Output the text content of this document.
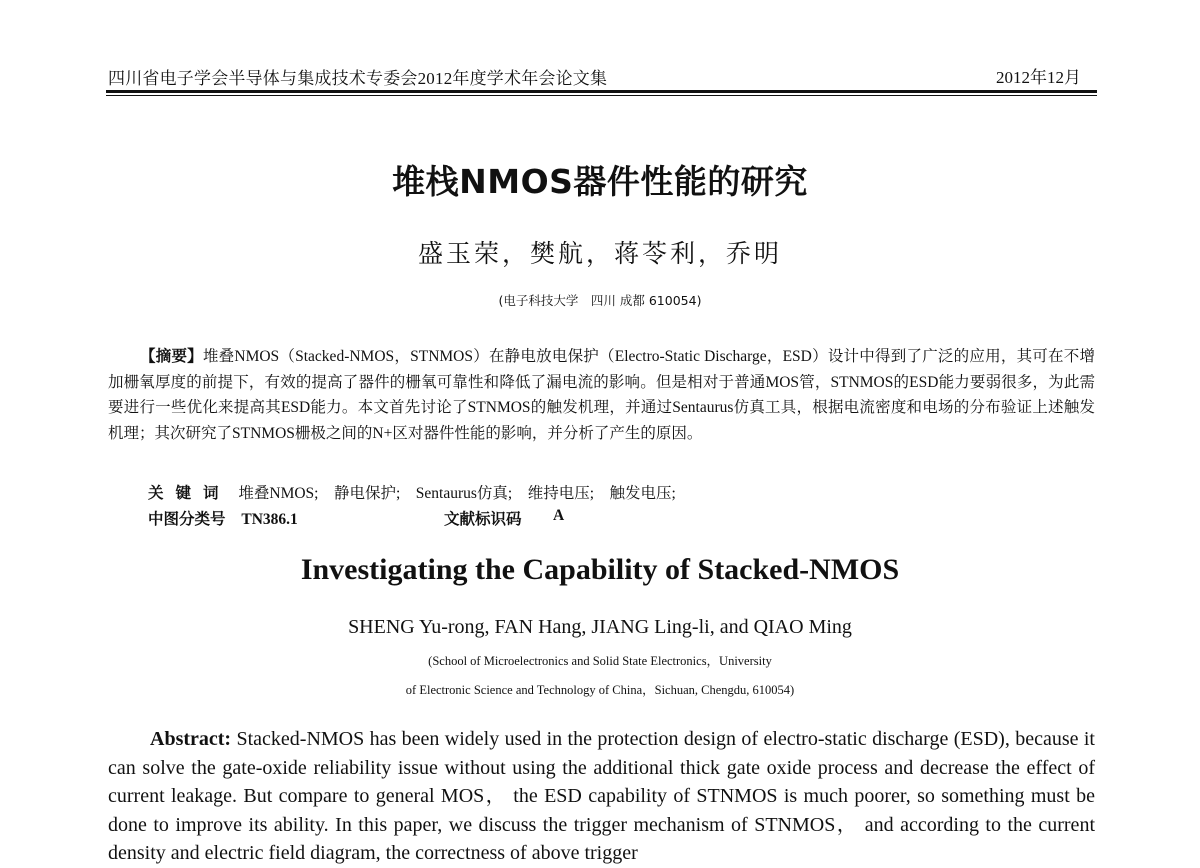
四川省电子学会半导体与集成技术专委会2012年度学术年会论文集	2012年12月
堆栈NMOS器件性能的研究
盛玉荣，樊航，蒋苓利，乔明
(电子科技大学　四川 成都 610054)

【摘要】堆叠NMOS（Stacked-NMOS，STNMOS）在静电放电保护（Electro-Static Discharge，ESD）设计中得到了广泛的应用，其可在不增加栅氧厚度的前提下，有效的提高了器件的栅氧可靠性和降低了漏电流的影响。但是相对于普通MOS管，STNMOS的ESD能力要弱很多，为此需要进行一些优化来提高其ESD能力。本文首先讨论了STNMOS的触发机理，并通过Sentaurus仿真工具，根据电流密度和电场的分布验证上述触发机理；其次研究了STNMOS栅极之间的N+区对器件性能的影响，并分析了产生的原因。

关键词 堆叠NMOS;　静电保护;　Sentaurus仿真;　维持电压;　触发电压;
中图分类号 TN386.1	文献标识码 A
Investigating the Capability of Stacked-NMOS
SHENG Yu-rong, FAN Hang, JIANG Ling-li, and QIAO Ming
(School of Microelectronics and Solid State Electronics，University
of Electronic Science and Technology of China，Sichuan, Chengdu, 610054)

Abstract: Stacked-NMOS has been widely used in the protection design of electro-static discharge (ESD), because it can solve the gate-oxide reliability issue without using the additional thick gate oxide process and decrease the effect of current leakage. But compare to general MOS， the ESD capability of STNMOS is much poorer, so something must be done to improve its ability. In this paper, we discuss the trigger mechanism of STNMOS， and according to the current density and electric field diagram, the correctness of above trigger
